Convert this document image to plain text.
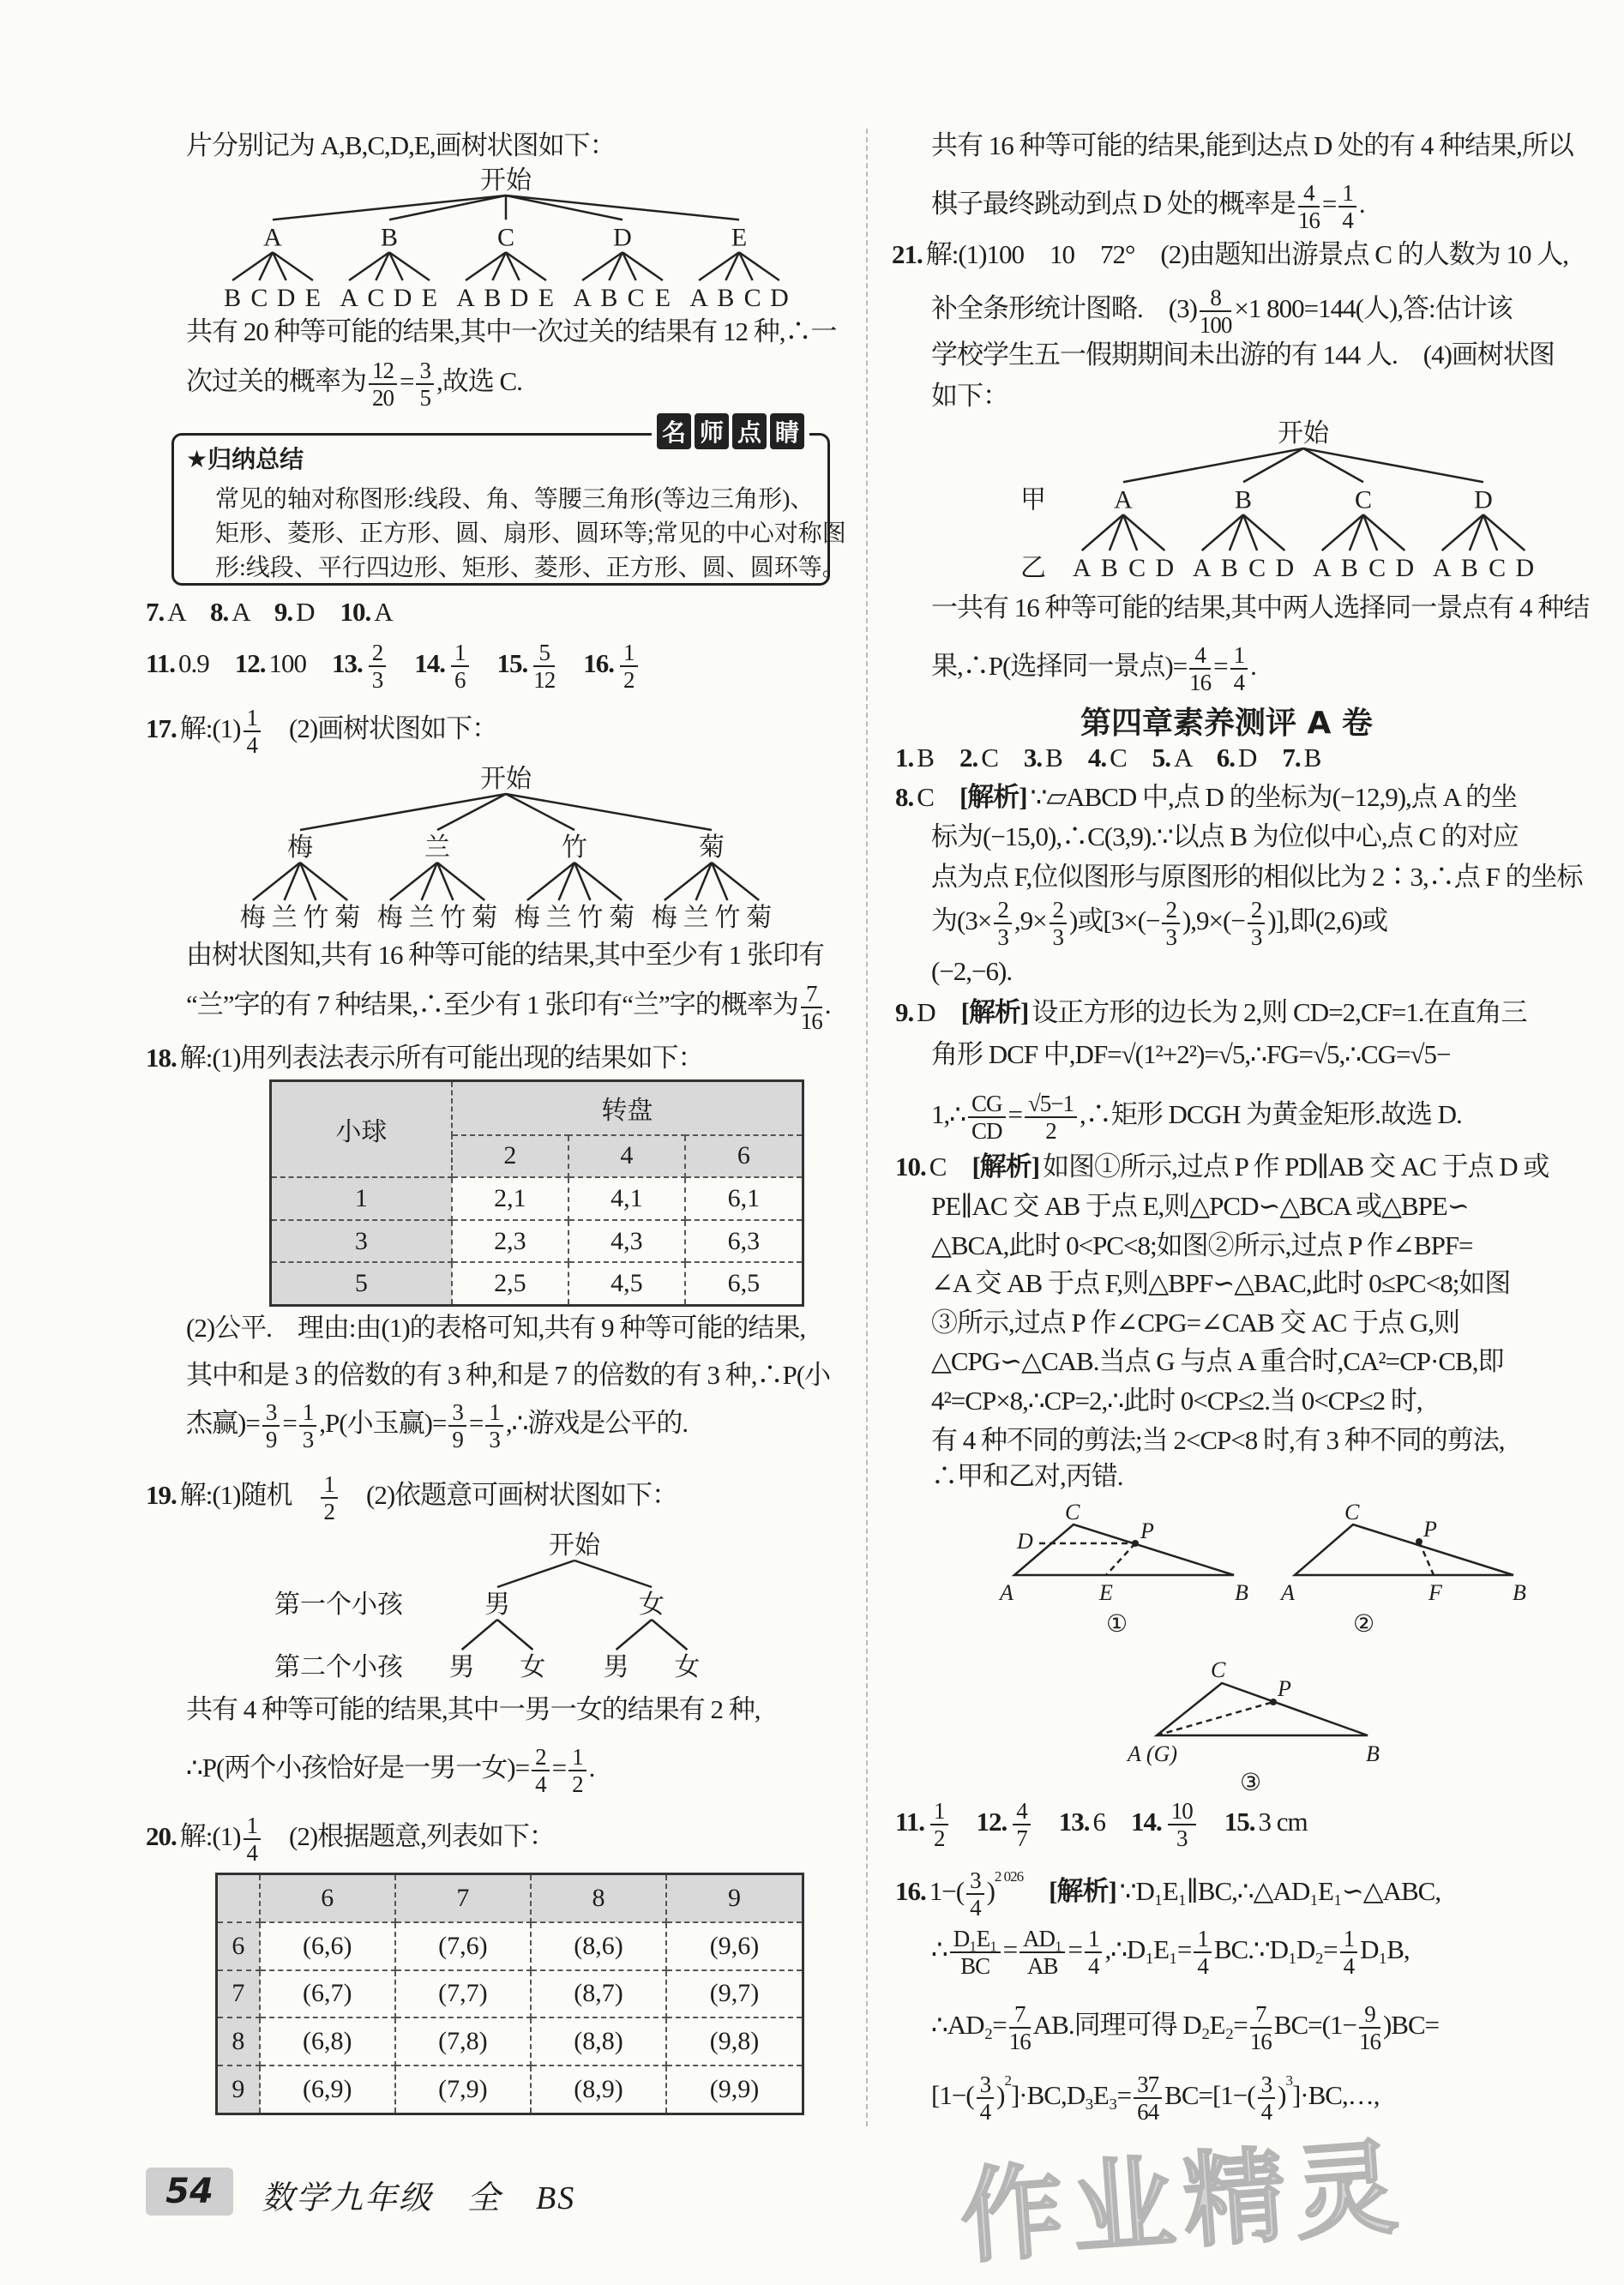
片分别记为 A,B,C,D,E,画树状图如下：
开始
A
B C D E
B
A C D E
C
A B D E
D
A B C E
E
A B C D
共有 20 种等可能的结果,其中一次过关的结果有 12 种,∴一
次过关的概率为 $\frac{12}{20} = \frac{3}{5}$ ,故选 C.
★归纳总结
常见的轴对称图形:线段、角、等腰三角形(等边三角形)、
矩形、菱形、正方形、圆、扇形、圆环等;常见的中心对称图
形:线段、平行四边形、矩形、菱形、正方形、圆、圆环等。
名 师 点 睛
7. A　8. A　9. D　10. A
11. 0.9　12. 100　13. $\frac{2}{3}$
　 14. $\frac{1}{6}$
　 15. $\frac{5}{12}$
　 16. $\frac{1}{2}$
17. 解:(1) $\frac{1}{4}$ 　(2)画树状图如下：
开始
梅
梅 兰 竹 菊
兰
梅 兰 竹 菊
竹
梅 兰 竹 菊
菊
梅 兰 竹 菊
由树状图知,共有 16 种等可能的结果,其中至少有 1 张印有
“兰”字的有 7 种结果,∴至少有 1 张印有“兰”字的概率为 $\frac{7}{16}$ .
18. 解:(1)用列表法表示所有可能出现的结果如下：
小球	转盘		
	2	4	6
1	2,1	4,1	6,1
3	2,3	4,3	6,3
5	2,5	4,5	6,5
(2)公平.　理由:由(1)的表格可知,共有 9 种等可能的结果,
其中和是 3 的倍数的有 3 种,和是 7 的倍数的有 3 种,∴P(小
杰赢)= $\frac{3}{9} = \frac{1}{3} ,P$(小玉赢)= $\frac{3}{9} = \frac{1}{3}$ ,∴游戏是公平的.
19. 解:(1)随机　 $\frac{1}{2}$ 　(2)依题意可画树状图如下：
开始
第一个小孩
第二个小孩
男
男 女
女
男 女
共有 4 种等可能的结果,其中一男一女的结果有 2 种,
∴P(两个小孩恰好是一男一女)= $\frac{2}{4} = \frac{1}{2}$ .
20. 解:(1) $\frac{1}{4}$ 　(2)根据题意,列表如下：
	6	7	8	9
6	(6,6)	(7,6)	(8,6)	(9,6)
7	(6,7)	(7,7)	(8,7)	(9,7)
8	(6,8)	(7,8)	(8,8)	(9,8)
9	(6,9)	(7,9)	(8,9)	(9,9)
共有 16 种等可能的结果,能到达点 D 处的有 4 种结果,所以
棋子最终跳动到点 D 处的概率是 $\frac{4}{16} = \frac{1}{4}$ .
21. 解:(1)100　10　72°　(2)由题知出游景点 C 的人数为 10 人,
补全条形统计图略.　$(3) \frac{8}{100} \times 1$ 800=144(人),答:估计该
学校学生五一假期期间未出游的有 144 人.　(4)画树状图
如下：
开始
甲
乙
A
A B C D
B
A B C D
C
A B C D
D
A B C D
一共有 16 种等可能的结果,其中两人选择同一景点有 4 种结
果,∴P(选择同一景点)= $\frac{4}{16} = \frac{1}{4}$ .
第四章素养测评 A 卷
1. B　2. C　3. B　4. C　5. A　6. D　7. B
8. C　[解析] ∵▱ABCD 中,点 D 的坐标为(−12,9),点 A 的坐
标为(−15,0),∴C(3,9).∵以点 B 为位似中心,点 C 的对应
点为点 F,位似图形与原图形的相似比为 2∶3,∴点 F 的坐标
为($3\times \frac{2}{3} ,9\times \frac{2}{3}$ )或[$3\times(- \frac{2}{3} ),9\times(- \frac{2}{3}$ )],即(2,6)或
(−2,−6).
9. D　[解析] 设正方形的边长为 2,则 CD=2,CF=1.在直角三
角形 DCF 中,DF=√(1²+2²)=√5,∴FG=√5,∴CG=√5−
1,∴ $\frac{CG}{CD} = \frac{√5-1}{2}$ ,∴矩形 DCGH 为黄金矩形.故选 D.
10. C　[解析] 如图①所示,过点 P 作 PD∥AB 交 AC 于点 D 或
PE∥AC 交 AB 于点 E,则△PCD∽△BCA 或△BPE∽
△BCA,此时 0<PC<8;如图②所示,过点 P 作∠BPF=
∠A 交 AB 于点 F,则△BPF∽△BAC,此时 0≤PC<8;如图
③所示,过点 P 作∠CPG=∠CAB 交 AC 于点 G,则
△CPG∽△CAB.当点 G 与点 A 重合时,CA²=CP·CB,即
4²=CP×8,∴CP=2,∴此时 0<CP≤2.当 0<CP≤2 时,
有 4 种不同的剪法;当 2<CP<8 时,有 3 种不同的剪法,
∴甲和乙对,丙错.
A	B
C
D
E
P
①
A	B
C
F
P
②
A (G)	B
C
P
③
11. $\frac{1}{2}$
　 12. $\frac{4}{7}$
　 13. 6　14. $\frac{10}{3}$
　 15. 3 cm
16. $1-( \frac{3}{4} )^{2 026}$　 [解析] ∵D₁E₁∥BC,∴△AD₁E₁∽△ABC,
∴ $\frac{\text{D₁E₁}}{BC} = \frac{\text{AD₁}}{AB} = \frac{1}{4}$ ,∴D₁E₁= $\frac{1}{4}$ BC.∵D₁D₂= $\frac{1}{4} D_1B$,
∴AD₂= $\frac{7}{16}$ AB.同理可得 $D_2E_2= \frac{7}{16} BC=(1- \frac{9}{16} )BC=$
$[1-( \frac{3}{4} )^2]\cdot BC,D_3E_3= \frac{37}{64} BC=[1-( \frac{3}{4}$ )$^3]\cdot BC,\dots$,
作业精灵
54	数学九年级　全　BS
